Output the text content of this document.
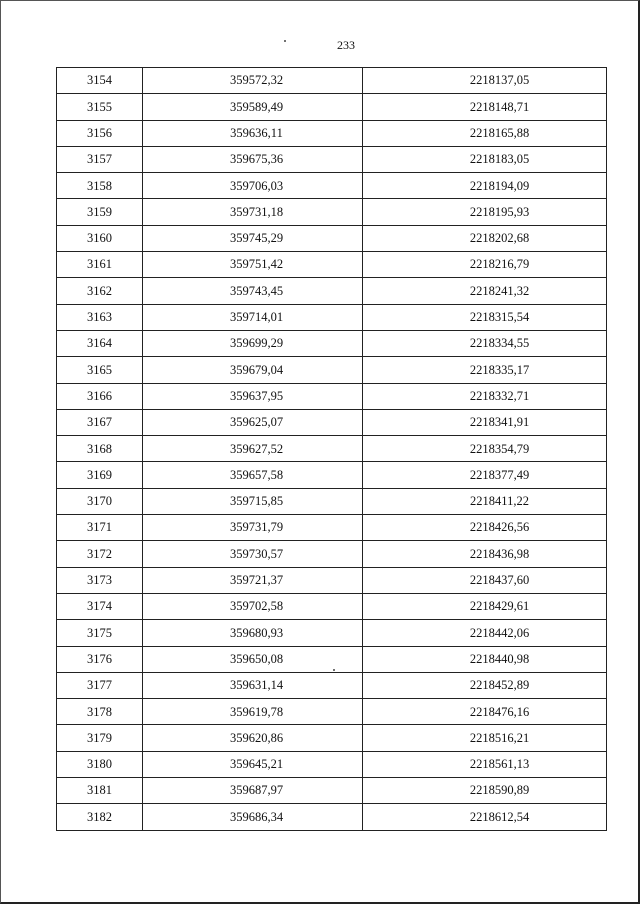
233
3154	359572,32	2218137,05
3155	359589,49	2218148,71
3156	359636,11	2218165,88
3157	359675,36	2218183,05
3158	359706,03	2218194,09
3159	359731,18	2218195,93
3160	359745,29	2218202,68
3161	359751,42	2218216,79
3162	359743,45	2218241,32
3163	359714,01	2218315,54
3164	359699,29	2218334,55
3165	359679,04	2218335,17
3166	359637,95	2218332,71
3167	359625,07	2218341,91
3168	359627,52	2218354,79
3169	359657,58	2218377,49
3170	359715,85	2218411,22
3171	359731,79	2218426,56
3172	359730,57	2218436,98
3173	359721,37	2218437,60
3174	359702,58	2218429,61
3175	359680,93	2218442,06
3176	359650,08	2218440,98
3177	359631,14	2218452,89
3178	359619,78	2218476,16
3179	359620,86	2218516,21
3180	359645,21	2218561,13
3181	359687,97	2218590,89
3182	359686,34	2218612,54
